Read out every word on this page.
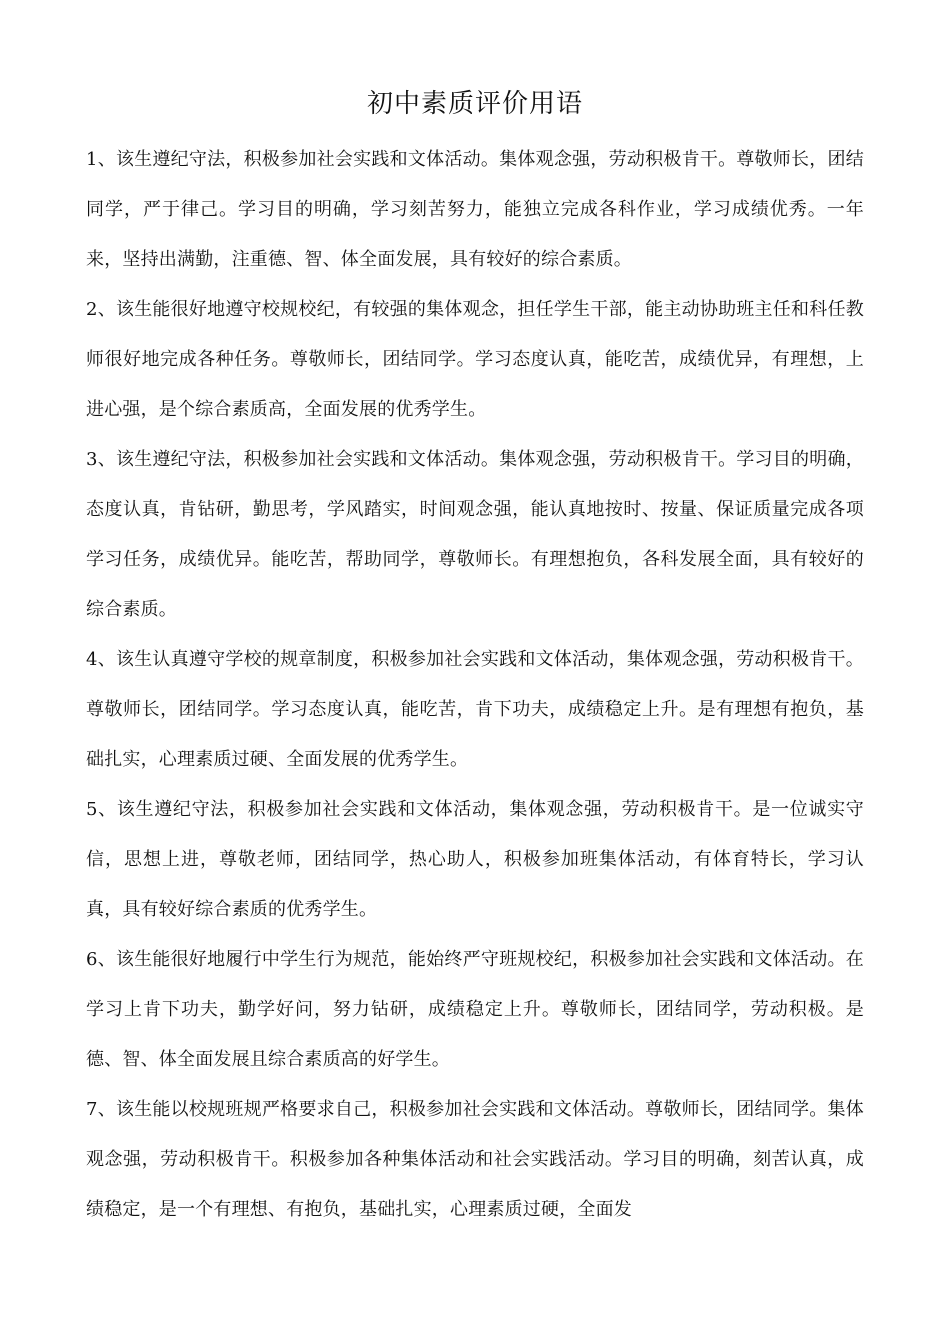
初中素质评价用语

1、该生遵纪守法，积极参加社会实践和文体活动。集体观念强，劳动积极肯干。尊敬师长，团结同学，严于律己。学习目的明确，学习刻苦努力，能独立完成各科作业，学习成绩优秀。一年来，坚持出满勤，注重德、智、体全面发展，具有较好的综合素质。

2、该生能很好地遵守校规校纪，有较强的集体观念，担任学生干部，能主动协助班主任和科任教师很好地完成各种任务。尊敬师长，团结同学。学习态度认真，能吃苦，成绩优异，有理想，上进心强，是个综合素质高，全面发展的优秀学生。

3、该生遵纪守法，积极参加社会实践和文体活动。集体观念强，劳动积极肯干。学习目的明确，态度认真，肯钻研，勤思考，学风踏实，时间观念强，能认真地按时、按量、保证质量完成各项学习任务，成绩优异。能吃苦，帮助同学，尊敬师长。有理想抱负，各科发展全面，具有较好的综合素质。

4、该生认真遵守学校的规章制度，积极参加社会实践和文体活动，集体观念强，劳动积极肯干。尊敬师长，团结同学。学习态度认真，能吃苦，肯下功夫，成绩稳定上升。是有理想有抱负，基础扎实，心理素质过硬、全面发展的优秀学生。

5、该生遵纪守法，积极参加社会实践和文体活动，集体观念强，劳动积极肯干。是一位诚实守信，思想上进，尊敬老师，团结同学，热心助人，积极参加班集体活动，有体育特长，学习认真，具有较好综合素质的优秀学生。

6、该生能很好地履行中学生行为规范，能始终严守班规校纪，积极参加社会实践和文体活动。在学习上肯下功夫，勤学好问，努力钻研，成绩稳定上升。尊敬师长，团结同学，劳动积极。是德、智、体全面发展且综合素质高的好学生。

7、该生能以校规班规严格要求自己，积极参加社会实践和文体活动。尊敬师长，团结同学。集体观念强，劳动积极肯干。积极参加各种集体活动和社会实践活动。学习目的明确，刻苦认真，成绩稳定，是一个有理想、有抱负，基础扎实，心理素质过硬，全面发
